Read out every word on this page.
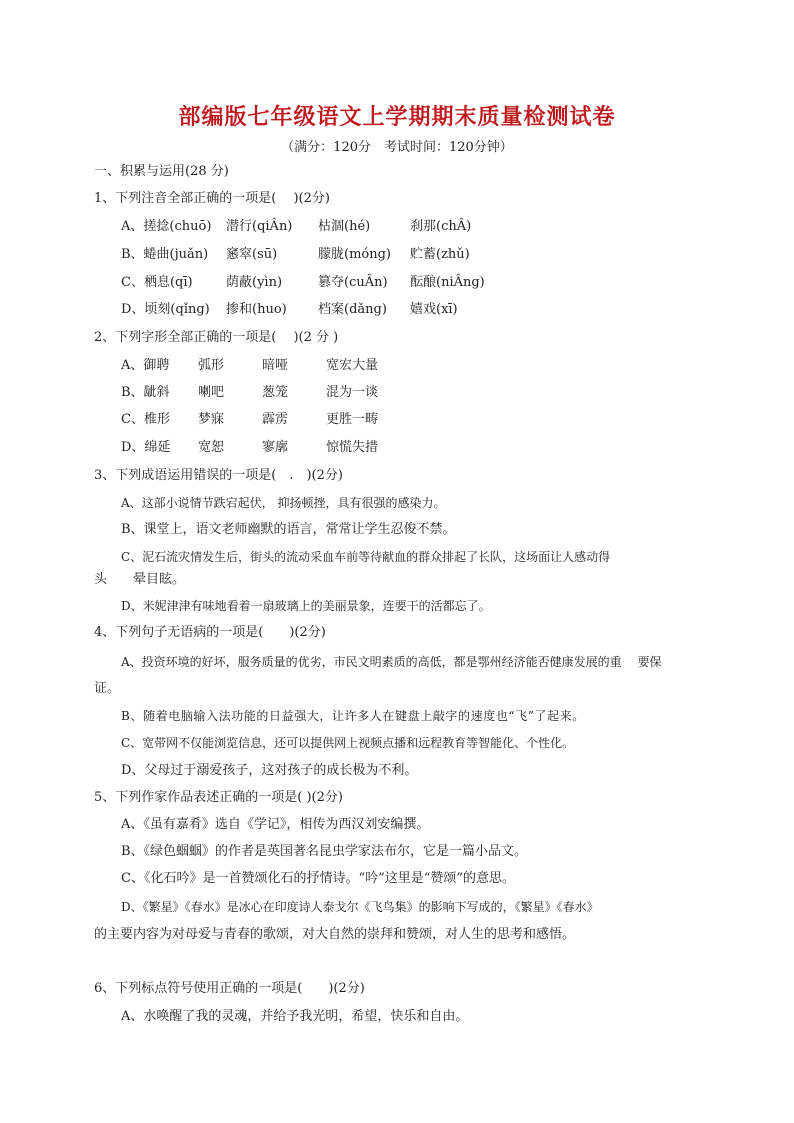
部编版七年级语文上学期期末质量检测试卷
（满分：120分　考试时间：120分钟）
一、积累与运用(28 分)
1、下列注音全部正确的一项是(　 )(2分)
A、搓捻(chuō) 潜行(qiÂn) 枯涸(hé)	刹那(chÂ)
B、蜷曲(juǎn) 窸窣(sū)	朦胧(móng) 贮蓄(zhǔ)
C、栖息(qī)	荫蔽(yìn)	篡夺(cuÂn) 酝酿(niÂng)
D、顷刻(qǐng) 掺和(huo) 档案(dǎng) 嬉戏(xī)
2、下列字形全部正确的一项是(　 )(2 分 )
A、御聘 弧形	暗哑	宽宏大量
B、龇斜 喇吧	葱笼	混为一谈
C、椎形 梦寐	霹雳	更胜一畴
D、绵延 宽恕	寥廓	惊慌失措
3、下列成语运用错误的一项是(　.　)(2分)
A、这部小说情节跌宕起伏， 抑扬顿挫，具有很强的感染力。
B、课堂上，语文老师幽默的语言，常常让学生忍俊不禁。
C、泥石流灾情发生后，街头的流动采血车前等待献血的群众排起了长队，这场面让人感动得
头　　晕目眩。
D、米妮津津有味地看着一扇玻璃上的美丽景象，连要干的活都忘了。
4、下列句子无语病的一项是(　　)(2分)
A、投资环境的好坏，服务质量的优劣，市民文明素质的高低，都是鄂州经济能否健康发展的重　 要保
证。
B、随着电脑输入法功能的日益强大，让许多人在键盘上敲字的速度也“飞”了起来。
C、宽带网不仅能浏览信息，还可以提供网上视频点播和远程教育等智能化、个性化。
D、父母过于溺爱孩子，这对孩子的成长极为不利。
5、下列作家作品表述正确的一项是( )(2分)
A、《虽有嘉肴》选自《学记》，相传为西汉刘安编撰。
B、《绿色蝈蝈》的作者是英国著名昆虫学家法布尔，它是一篇小品文。
C、《化石吟》是一首赞颂化石的抒情诗。“吟”这里是“赞颂”的意思。
D、《繁星》《春水》是冰心在印度诗人泰戈尔《飞鸟集》的影响下写成的，《繁星》《春水》
的主要内容为对母爱与青春的歌颂，对大自然的崇拜和赞颂，对人生的思考和感悟。
6、下列标点符号使用正确的一项是(　　)(2分)
A、水唤醒了我的灵魂，并给予我光明，希望，快乐和自由。
